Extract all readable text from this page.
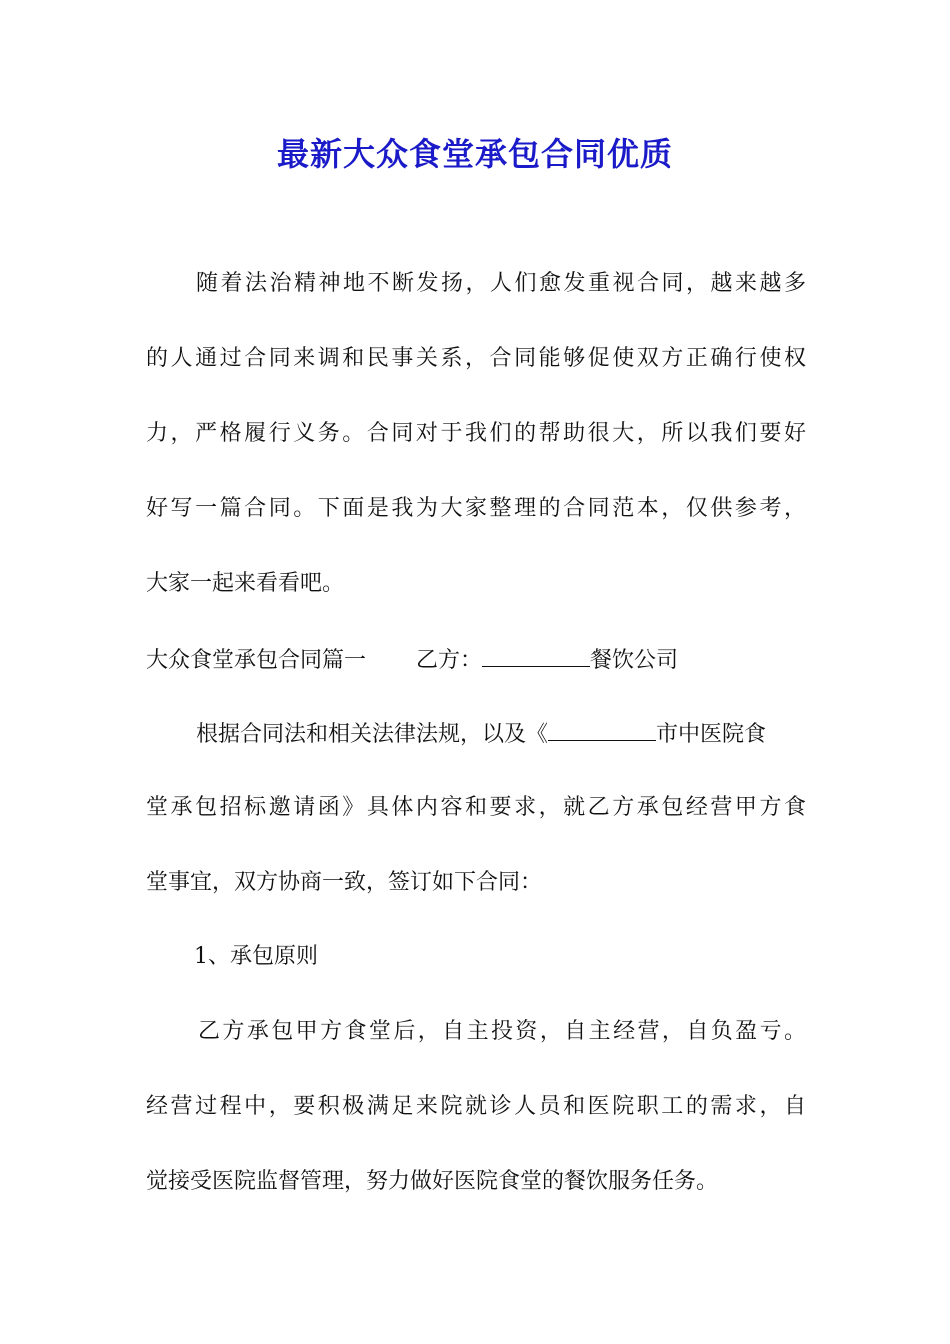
最新大众食堂承包合同优质
随着法治精神地不断发扬，人们愈发重视合同，越来越多
的人通过合同来调和民事关系，合同能够促使双方正确行使权
力，严格履行义务。合同对于我们的帮助很大，所以我们要好
好写一篇合同。下面是我为大家整理的合同范本，仅供参考，
大家一起来看看吧。
大众食堂承包合同篇一 乙方：	餐饮公司
根据合同法和相关法律法规，以及《	市中医院食
堂承包招标邀请函》具体内容和要求，就乙方承包经营甲方食
堂事宜，双方协商一致，签订如下合同：
1、承包原则
乙方承包甲方食堂后，自主投资，自主经营，自负盈亏。
经营过程中，要积极满足来院就诊人员和医院职工的需求，自
觉接受医院监督管理，努力做好医院食堂的餐饮服务任务。
